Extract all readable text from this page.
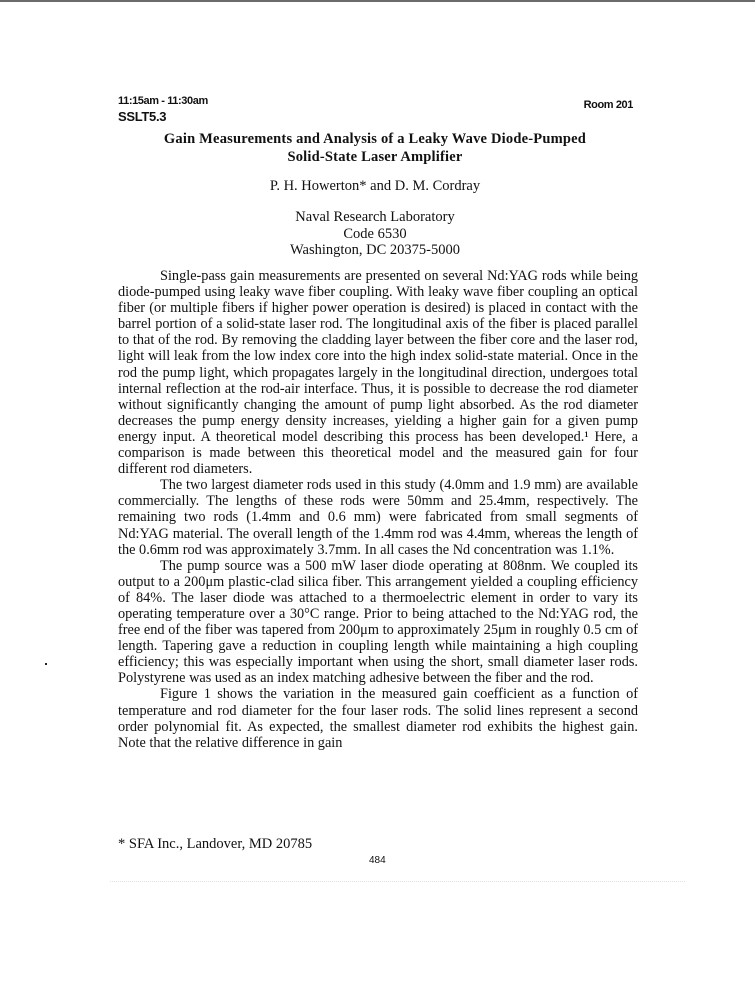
11:15am - 11:30am	Room 201
SSLT5.3
Gain Measurements and Analysis of a Leaky Wave Diode-Pumped
Solid-State Laser Amplifier
P. H. Howerton* and D. M. Cordray
Naval Research Laboratory
Code 6530
Washington, DC 20375-5000

Single-pass gain measurements are presented on several Nd:YAG rods while being diode-pumped using leaky wave fiber coupling. With leaky wave fiber coupling an optical fiber (or multiple fibers if higher power operation is desired) is placed in contact with the barrel portion of a solid-state laser rod. The longitudinal axis of the fiber is placed parallel to that of the rod. By removing the cladding layer between the fiber core and the laser rod, light will leak from the low index core into the high index solid-state material. Once in the rod the pump light, which propagates largely in the longitudinal direction, undergoes total internal reflection at the rod-air interface. Thus, it is possible to decrease the rod diameter without significantly changing the amount of pump light absorbed. As the rod diameter decreases the pump energy density increases, yielding a higher gain for a given pump energy input. A theoretical model describing this process has been developed.¹ Here, a comparison is made between this theoretical model and the measured gain for four different rod diameters.

The two largest diameter rods used in this study (4.0mm and 1.9 mm) are available commercially. The lengths of these rods were 50mm and 25.4mm, respectively. The remaining two rods (1.4mm and 0.6 mm) were fabricated from small segments of Nd:YAG material. The overall length of the 1.4mm rod was 4.4mm, whereas the length of the 0.6mm rod was approximately 3.7mm. In all cases the Nd concentration was 1.1%.

The pump source was a 500 mW laser diode operating at 808nm. We coupled its output to a 200μm plastic-clad silica fiber. This arrangement yielded a coupling efficiency of 84%. The laser diode was attached to a thermoelectric element in order to vary its operating temperature over a 30°C range. Prior to being attached to the Nd:YAG rod, the free end of the fiber was tapered from 200μm to approximately 25μm in roughly 0.5 cm of length. Tapering gave a reduction in coupling length while maintaining a high coupling efficiency; this was especially important when using the short, small diameter laser rods. Polystyrene was used as an index matching adhesive between the fiber and the rod.

Figure 1 shows the variation in the measured gain coefficient as a function of temperature and rod diameter for the four laser rods. The solid lines represent a second order polynomial fit. As expected, the smallest diameter rod exhibits the highest gain. Note that the relative difference in gain

* SFA Inc., Landover, MD 20785
484
